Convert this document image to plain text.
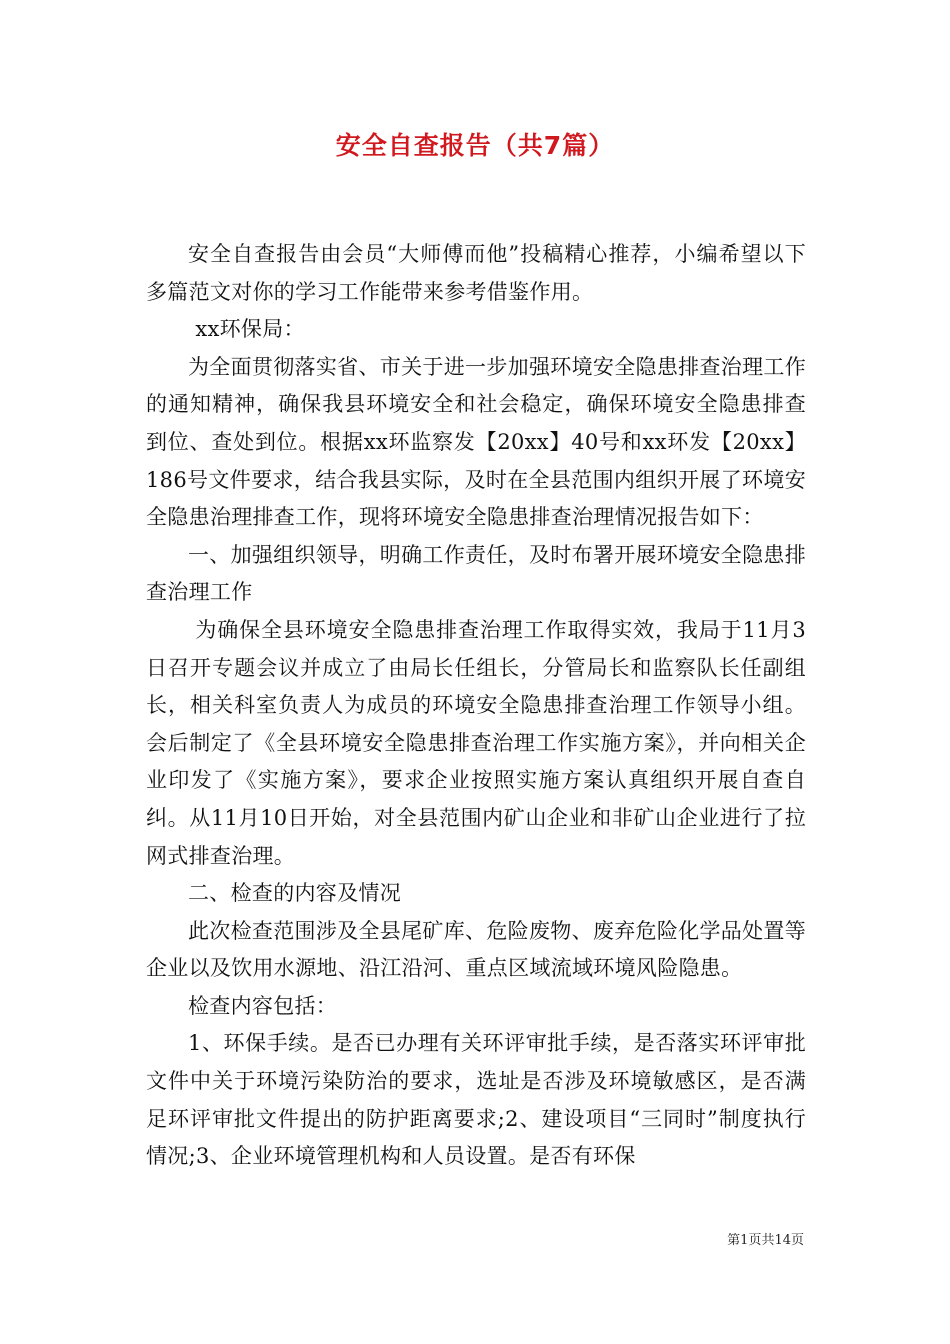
安全自查报告（共7篇）

安全自查报告由会员“大师傅而他”投稿精心推荐，小编希望以下多篇范文对你的学习工作能带来参考借鉴作用。

xx环保局：

为全面贯彻落实省、市关于进一步加强环境安全隐患排查治理工作的通知精神，确保我县环境安全和社会稳定，确保环境安全隐患排查到位、查处到位。根据xx环监察发【20xx】40号和xx环发【20xx】186号文件要求，结合我县实际，及时在全县范围内组织开展了环境安全隐患治理排查工作，现将环境安全隐患排查治理情况报告如下：

一、加强组织领导，明确工作责任，及时布署开展环境安全隐患排查治理工作

为确保全县环境安全隐患排查治理工作取得实效，我局于11月3日召开专题会议并成立了由局长任组长，分管局长和监察队长任副组长，相关科室负责人为成员的环境安全隐患排查治理工作领导小组。会后制定了《全县环境安全隐患排查治理工作实施方案》，并向相关企业印发了《实施方案》，要求企业按照实施方案认真组织开展自查自纠。从11月10日开始，对全县范围内矿山企业和非矿山企业进行了拉网式排查治理。

二、检查的内容及情况

此次检查范围涉及全县尾矿库、危险废物、废弃危险化学品处置等企业以及饮用水源地、沿江沿河、重点区域流域环境风险隐患。

检查内容包括：

1、环保手续。是否已办理有关环评审批手续，是否落实环评审批文件中关于环境污染防治的要求，选址是否涉及环境敏感区，是否满足环评审批文件提出的防护距离要求;2、建设项目“三同时”制度执行情况;3、企业环境管理机构和人员设置。是否有环保

第1页共14页
